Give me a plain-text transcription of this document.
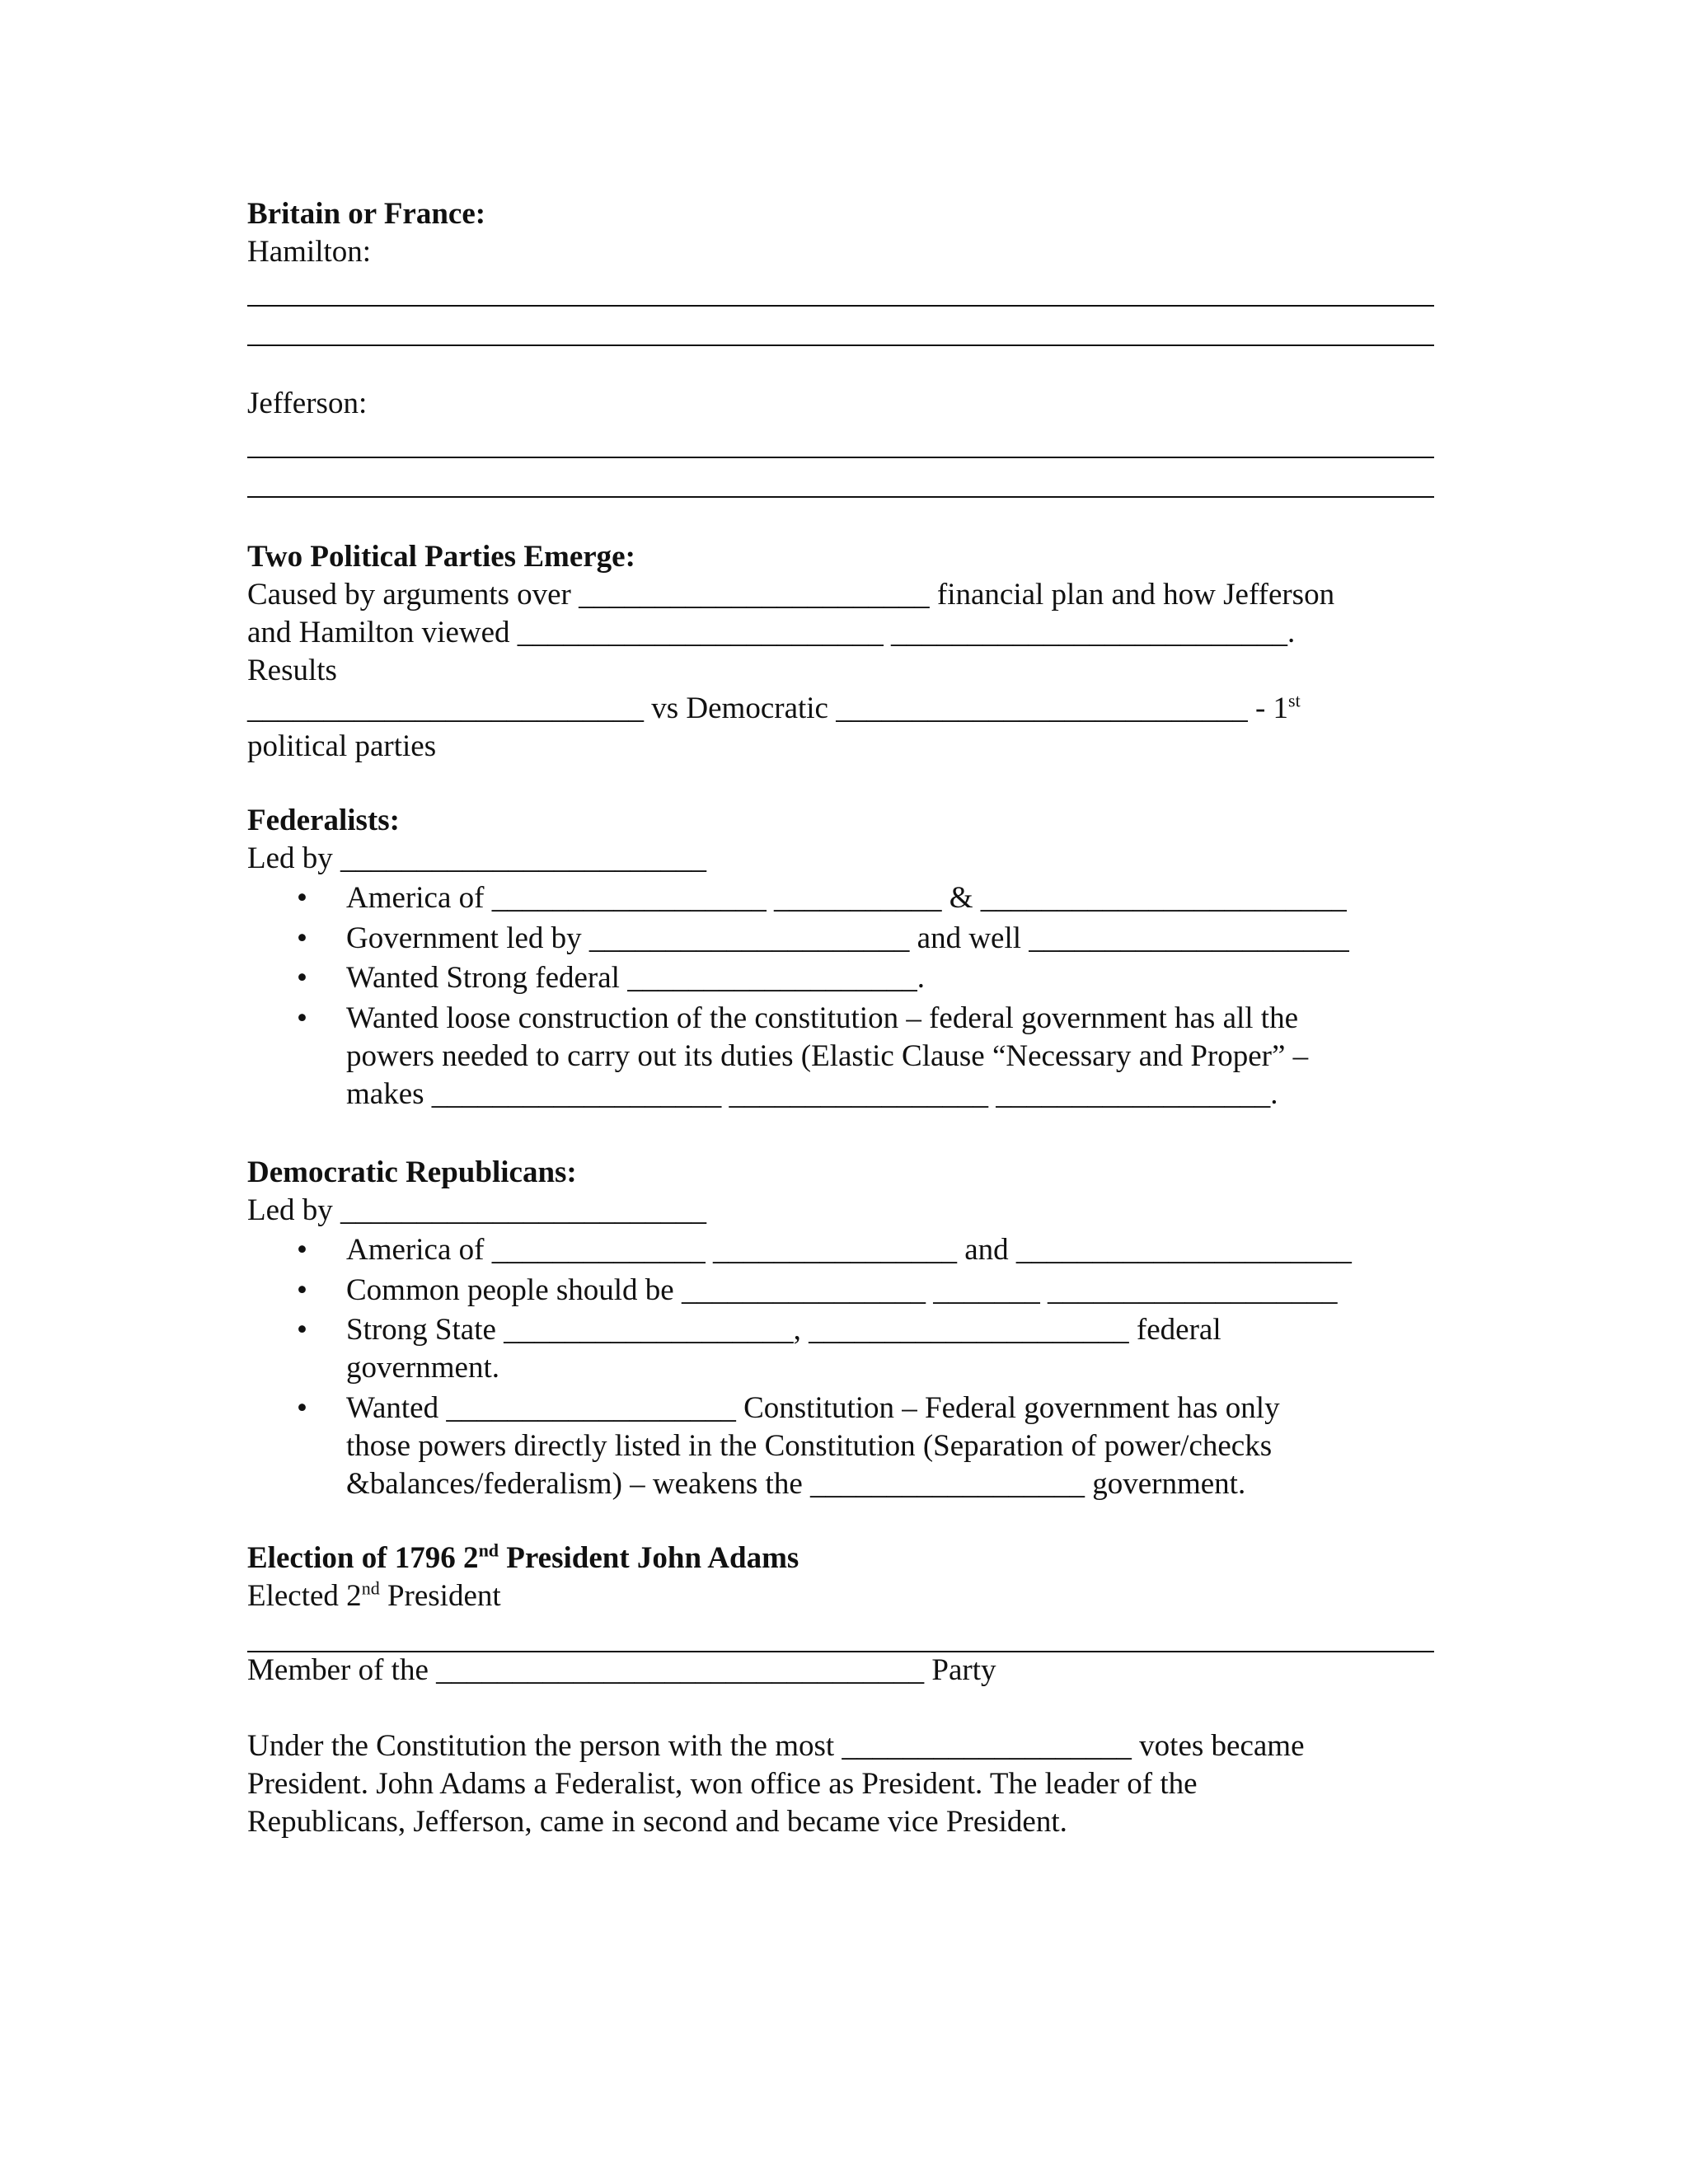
Britain or France:

Hamilton:

Jefferson:

Two Political Parties Emerge:

Caused by arguments over _______________________ financial plan and how Jefferson

and Hamilton viewed ________________________ __________________________.

Results

__________________________ vs Democratic ___________________________ - 1st

political parties

Federalists:

Led by ________________________

• America of __________________ ___________ & ________________________

• Government led by _____________________ and well _____________________

• Wanted Strong federal ___________________.

• Wanted loose construction of the constitution – federal government has all the

powers needed to carry out its duties (Elastic Clause “Necessary and Proper” –

makes ___________________ _________________ __________________.

Democratic Republicans:

Led by ________________________

• America of ______________ ________________ and ______________________

• Common people should be ________________ _______ ___________________

• Strong State ___________________, _____________________ federal

government.

• Wanted ___________________ Constitution – Federal government has only

those powers directly listed in the Constitution (Separation of power/checks

&balances/federalism) – weakens the __________________ government.

Election of 1796 2nd President John Adams

Elected 2nd President

Member of the ________________________________ Party

Under the Constitution the person with the most ___________________ votes became

President. John Adams a Federalist, won office as President. The leader of the

Republicans, Jefferson, came in second and became vice President.
